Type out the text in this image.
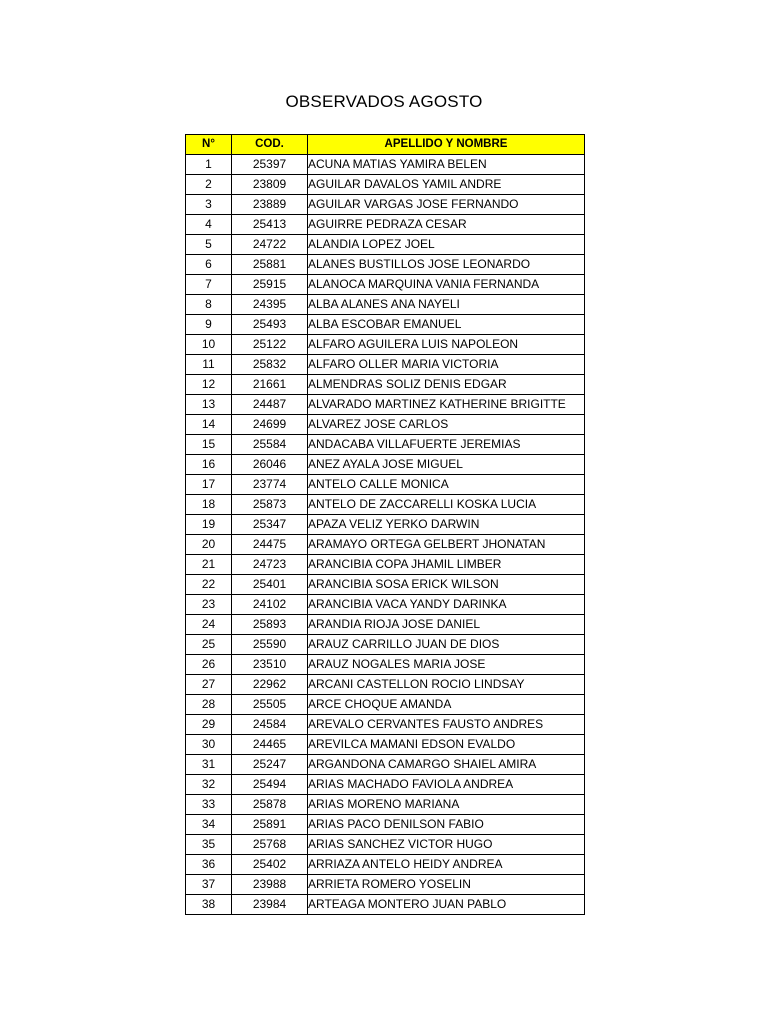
OBSERVADOS AGOSTO
N°	COD.	APELLIDO Y NOMBRE
1	25397	ACUNA MATIAS YAMIRA BELEN
2	23809	AGUILAR DAVALOS YAMIL ANDRE
3	23889	AGUILAR VARGAS JOSE FERNANDO
4	25413	AGUIRRE PEDRAZA CESAR
5	24722	ALANDIA LOPEZ JOEL
6	25881	ALANES BUSTILLOS JOSE LEONARDO
7	25915	ALANOCA MARQUINA VANIA FERNANDA
8	24395	ALBA ALANES ANA NAYELI
9	25493	ALBA ESCOBAR EMANUEL
10	25122	ALFARO AGUILERA LUIS NAPOLEON
11	25832	ALFARO OLLER MARIA VICTORIA
12	21661	ALMENDRAS SOLIZ DENIS EDGAR
13	24487	ALVARADO MARTINEZ KATHERINE BRIGITTE
14	24699	ALVAREZ JOSE CARLOS
15	25584	ANDACABA VILLAFUERTE JEREMIAS
16	26046	ANEZ AYALA JOSE MIGUEL
17	23774	ANTELO CALLE MONICA
18	25873	ANTELO DE ZACCARELLI KOSKA LUCIA
19	25347	APAZA VELIZ YERKO DARWIN
20	24475	ARAMAYO ORTEGA GELBERT JHONATAN
21	24723	ARANCIBIA COPA JHAMIL LIMBER
22	25401	ARANCIBIA SOSA ERICK WILSON
23	24102	ARANCIBIA VACA YANDY DARINKA
24	25893	ARANDIA RIOJA JOSE DANIEL
25	25590	ARAUZ CARRILLO JUAN DE DIOS
26	23510	ARAUZ NOGALES MARIA JOSE
27	22962	ARCANI CASTELLON ROCIO LINDSAY
28	25505	ARCE CHOQUE AMANDA
29	24584	AREVALO CERVANTES FAUSTO ANDRES
30	24465	AREVILCA MAMANI EDSON EVALDO
31	25247	ARGANDONA CAMARGO SHAIEL AMIRA
32	25494	ARIAS MACHADO FAVIOLA ANDREA
33	25878	ARIAS MORENO MARIANA
34	25891	ARIAS PACO DENILSON FABIO
35	25768	ARIAS SANCHEZ VICTOR HUGO
36	25402	ARRIAZA ANTELO HEIDY ANDREA
37	23988	ARRIETA ROMERO YOSELIN
38	23984	ARTEAGA MONTERO JUAN PABLO
